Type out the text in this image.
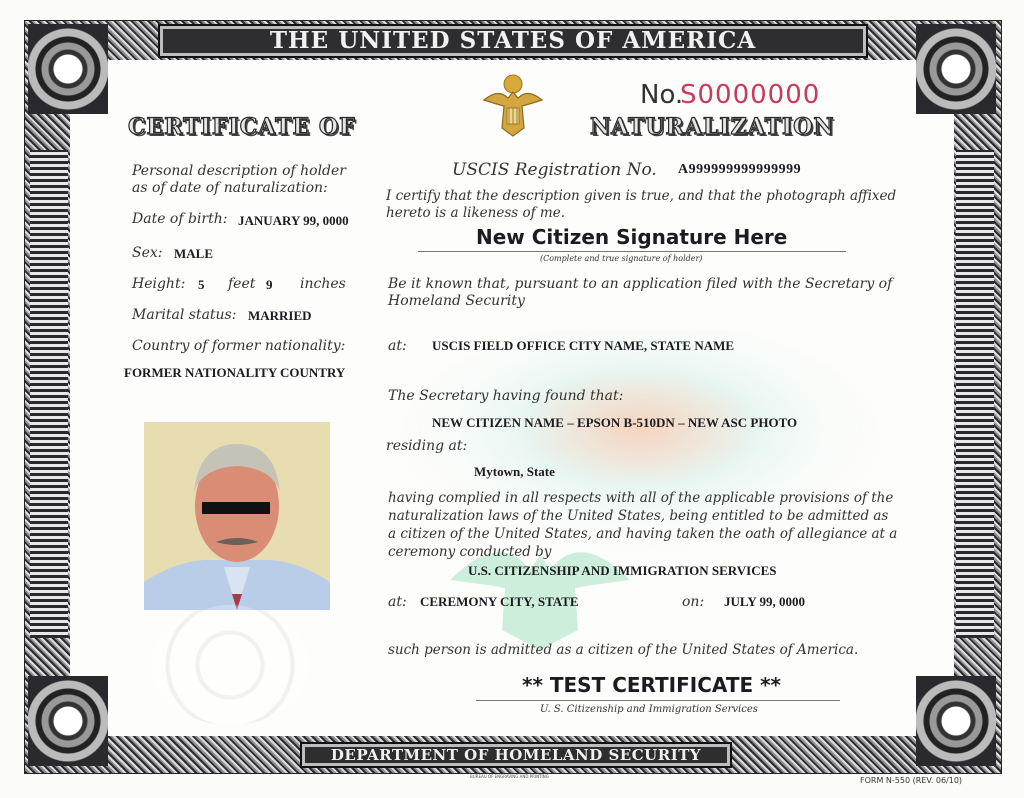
THE UNITED STATES OF AMERICA
DEPARTMENT OF HOMELAND SECURITY
CERTIFICATE OF	NATURALIZATION
No.
S0000000
Personal description of holder
as of date of naturalization:
Date of birth: JANUARY 99, 0000
Sex: MALE
Height: 5 feet 9 inches
Marital status: MARRIED
Country of former nationality:
FORMER NATIONALITY COUNTRY
USCIS Registration No. A999999999999999
I certify that the description given is true, and that the photograph affixed
hereto is a likeness of me.
New Citizen Signature Here
(Complete and true signature of holder)
Be it known that, pursuant to an application filed with the Secretary of
Homeland Security
at: USCIS FIELD OFFICE CITY NAME, STATE NAME
The Secretary having found that:
NEW CITIZEN NAME – EPSON B-510DN – NEW ASC PHOTO
residing at:
Mytown, State
having complied in all respects with all of the applicable provisions of the
naturalization laws of the United States, being entitled to be admitted as
a citizen of the United States, and having taken the oath of allegiance at a
ceremony conducted by
U.S. CITIZENSHIP AND IMMIGRATION SERVICES
at: CEREMONY CITY, STATE	on: JULY 99, 0000
such person is admitted as a citizen of the United States of America.
** TEST CERTIFICATE **
U. S. Citizenship and Immigration Services
BUREAU OF ENGRAVING AND PRINTING	FORM N-550 (REV. 06/10)
